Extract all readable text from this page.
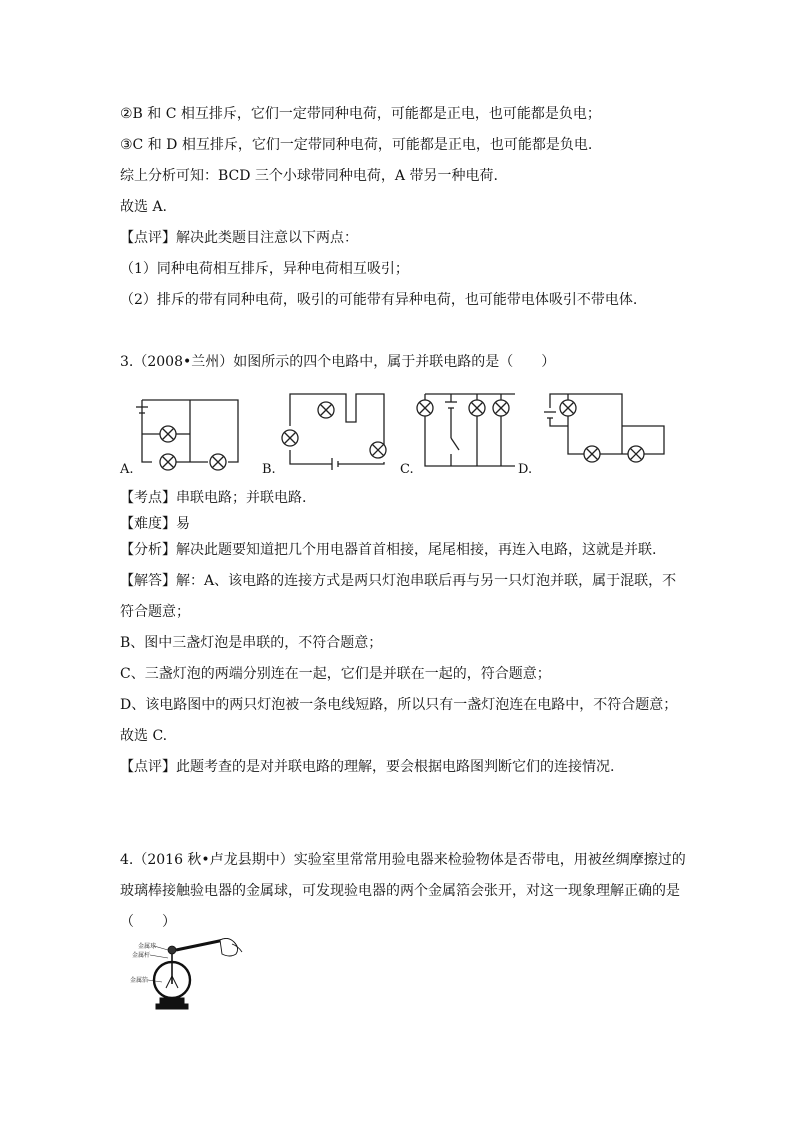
②B 和 C 相互排斥，它们一定带同种电荷，可能都是正电，也可能都是负电；
③C 和 D 相互排斥，它们一定带同种电荷，可能都是正电，也可能都是负电.
综上分析可知：BCD 三个小球带同种电荷，A 带另一种电荷.
故选 A.
【点评】解决此类题目注意以下两点：
（1）同种电荷相互排斥，异种电荷相互吸引；
（2）排斥的带有同种电荷，吸引的可能带有异种电荷，也可能带电体吸引不带电体.
3.（2008•兰州）如图所示的四个电路中，属于并联电路的是（　　）
A.	B.	C.	D.
【考点】串联电路；并联电路.
【难度】易
【分析】解决此题要知道把几个用电器首首相接，尾尾相接，再连入电路，这就是并联.
【解答】解：A、该电路的连接方式是两只灯泡串联后再与另一只灯泡并联，属于混联，不
符合题意；
B、图中三盏灯泡是串联的，不符合题意；
C、三盏灯泡的两端分别连在一起，它们是并联在一起的，符合题意；
D、该电路图中的两只灯泡被一条电线短路，所以只有一盏灯泡连在电路中，不符合题意；
故选 C.
【点评】此题考查的是对并联电路的理解，要会根据电路图判断它们的连接情况.
4.（2016 秋•卢龙县期中）实验室里常常用验电器来检验物体是否带电，用被丝绸摩擦过的
玻璃棒接触验电器的金属球，可发现验电器的两个金属箔会张开，对这一现象理解正确的是
（　　）
金属球
金属杆
金属箔
